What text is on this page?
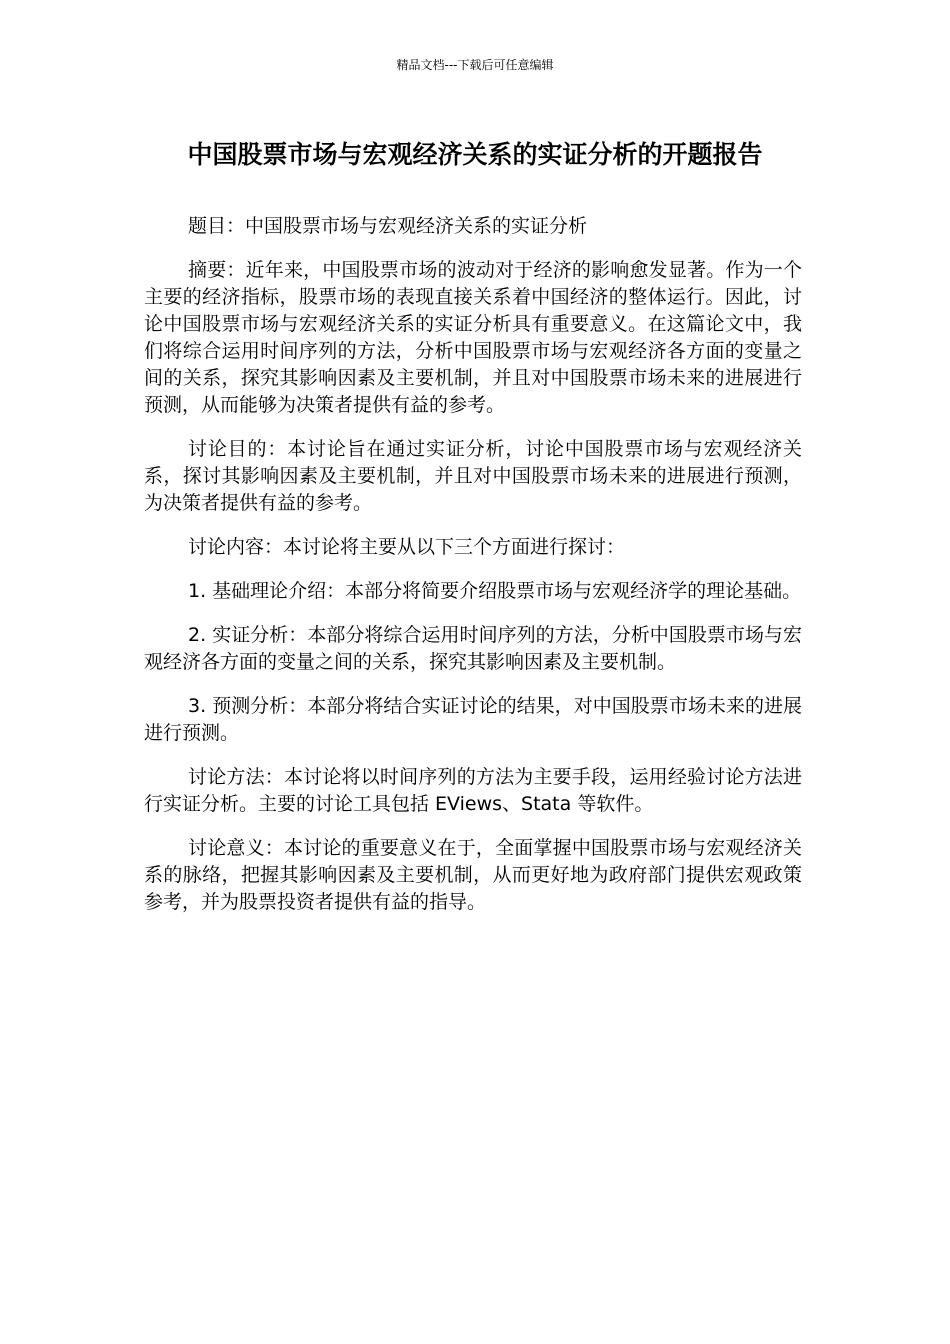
精品文档---下载后可任意编辑
中国股票市场与宏观经济关系的实证分析的开题报告

题目：中国股票市场与宏观经济关系的实证分析

摘要：近年来，中国股票市场的波动对于经济的影响愈发显著。作为一个主要的经济指标，股票市场的表现直接关系着中国经济的整体运行。因此，讨论中国股票市场与宏观经济关系的实证分析具有重要意义。在这篇论文中，我们将综合运用时间序列的方法，分析中国股票市场与宏观经济各方面的变量之间的关系，探究其影响因素及主要机制，并且对中国股票市场未来的进展进行预测，从而能够为决策者提供有益的参考。

讨论目的：本讨论旨在通过实证分析，讨论中国股票市场与宏观经济关系，探讨其影响因素及主要机制，并且对中国股票市场未来的进展进行预测，为决策者提供有益的参考。

讨论内容：本讨论将主要从以下三个方面进行探讨：

1. 基础理论介绍：本部分将简要介绍股票市场与宏观经济学的理论基础。

2. 实证分析：本部分将综合运用时间序列的方法，分析中国股票市场与宏观经济各方面的变量之间的关系，探究其影响因素及主要机制。

3. 预测分析：本部分将结合实证讨论的结果，对中国股票市场未来的进展进行预测。

讨论方法：本讨论将以时间序列的方法为主要手段，运用经验讨论方法进行实证分析。主要的讨论工具包括 EViews、Stata 等软件。

讨论意义：本讨论的重要意义在于，全面掌握中国股票市场与宏观经济关系的脉络，把握其影响因素及主要机制，从而更好地为政府部门提供宏观政策参考，并为股票投资者提供有益的指导。
